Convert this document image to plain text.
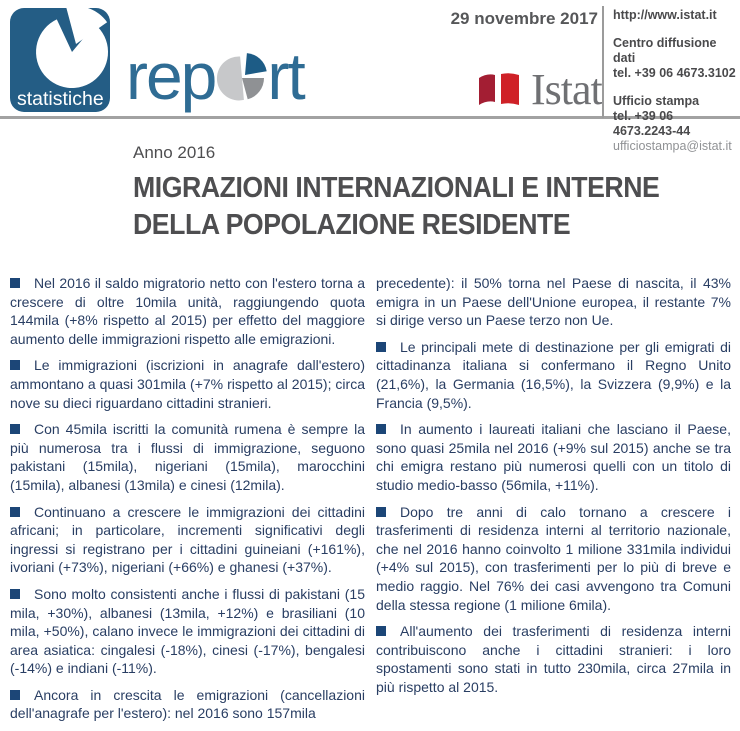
statistiche rep rt
29 novembre 2017
Istat
http://www.istat.it
Centro diffusione dati
tel. +39 06 4673.3102
Ufficio stampa
tel. +39 06 4673.2243-44
ufficiostampa@istat.it
Anno 2016
MIGRAZIONI INTERNAZIONALI E INTERNE
DELLA POPOLAZIONE RESIDENTE

Nel 2016 il saldo migratorio netto con l'estero torna a crescere di oltre 10mila unità, raggiungendo quota 144mila (+8% rispetto al 2015) per effetto del maggiore aumento delle immigrazioni rispetto alle emigrazioni.

Le immigrazioni (iscrizioni in anagrafe dall'estero) ammontano a quasi 301mila (+7% rispetto al 2015); circa nove su dieci riguardano cittadini stranieri.

Con 45mila iscritti la comunità rumena è sempre la più numerosa tra i flussi di immigrazione, seguono pakistani (15mila), nigeriani (15mila), marocchini (15mila), albanesi (13mila) e cinesi (12mila).

Continuano a crescere le immigrazioni dei cittadini africani; in particolare, incrementi significativi degli ingressi si registrano per i cittadini guineiani (+161%), ivoriani (+73%), nigeriani (+66%) e ghanesi (+37%).

Sono molto consistenti anche i flussi di pakistani (15 mila, +30%), albanesi (13mila, +12%) e brasiliani (10 mila, +50%), calano invece le immigrazioni dei cittadini di area asiatica: cingalesi (-18%), cinesi (-17%), bengalesi (-14%) e indiani (-11%).

Ancora in crescita le emigrazioni (cancellazioni dell'anagrafe per l'estero): nel 2016 sono 157mila

precedente): il 50% torna nel Paese di nascita, il 43% emigra in un Paese dell'Unione europea, il restante 7% si dirige verso un Paese terzo non Ue.

Le principali mete di destinazione per gli emigrati di cittadinanza italiana si confermano il Regno Unito (21,6%), la Germania (16,5%), la Svizzera (9,9%) e la Francia (9,5%).

In aumento i laureati italiani che lasciano il Paese, sono quasi 25mila nel 2016 (+9% sul 2015) anche se tra chi emigra restano più numerosi quelli con un titolo di studio medio-basso (56mila, +11%).

Dopo tre anni di calo tornano a crescere i trasferimenti di residenza interni al territorio nazionale, che nel 2016 hanno coinvolto 1 milione 331mila individui (+4% sul 2015), con trasferimenti per lo più di breve e medio raggio. Nel 76% dei casi avvengono tra Comuni della stessa regione (1 milione 6mila).

All'aumento dei trasferimenti di residenza interni contribuiscono anche i cittadini stranieri: i loro spostamenti sono stati in tutto 230mila, circa 27mila in più rispetto al 2015.
